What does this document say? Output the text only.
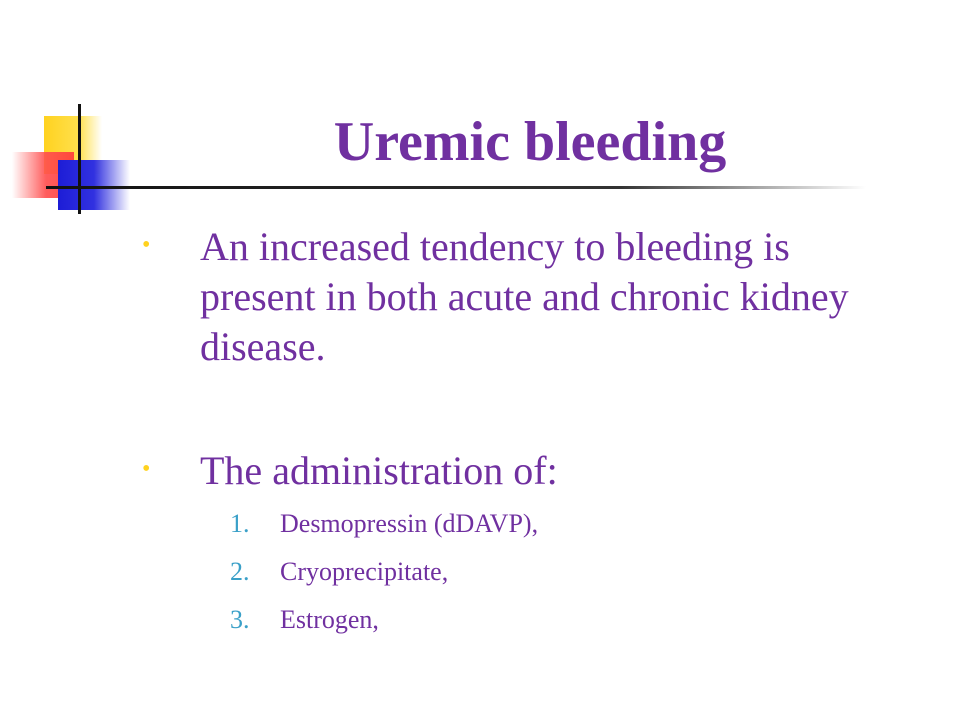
Uremic bleeding
• An increased tendency to bleeding is present in both acute and chronic kidney disease.
• The administration of:
1. Desmopressin (dDAVP),
2. Cryoprecipitate,
3. Estrogen,
